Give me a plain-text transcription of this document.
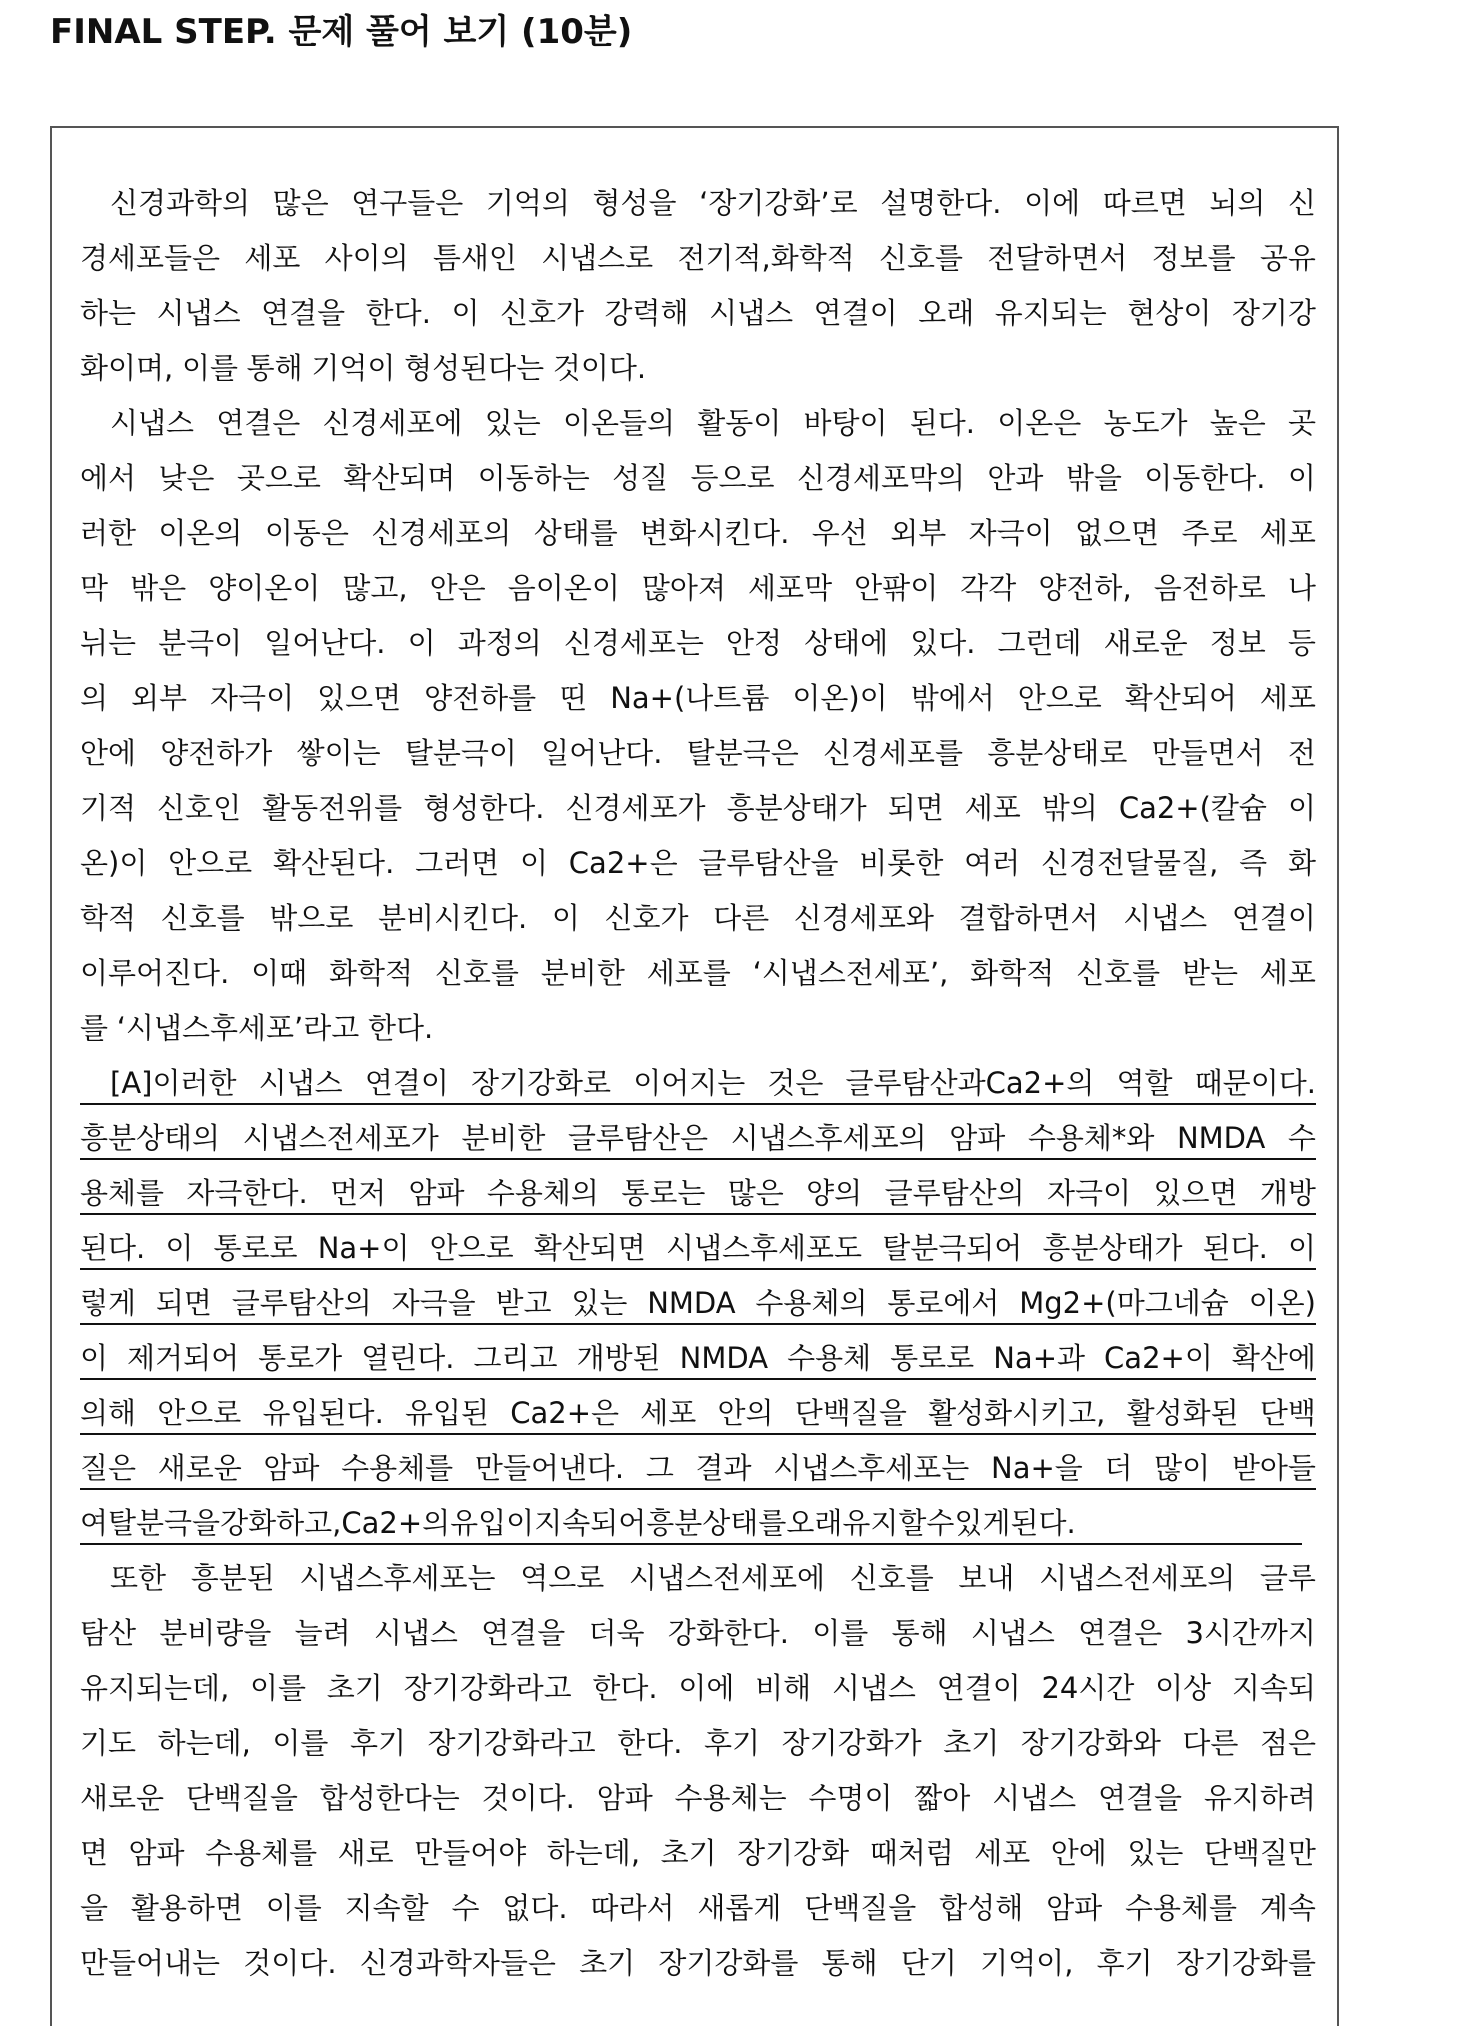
FINAL STEP. 문제 풀어 보기 (10분)
신경과학의 많은 연구들은 기억의 형성을 ‘장기강화’로 설명한다. 이에 따르면 뇌의 신
경세포들은 세포 사이의 틈새인 시냅스로 전기적,화학적 신호를 전달하면서 정보를 공유
하는 시냅스 연결을 한다. 이 신호가 강력해 시냅스 연결이 오래 유지되는 현상이 장기강
화이며, 이를 통해 기억이 형성된다는 것이다.
시냅스 연결은 신경세포에 있는 이온들의 활동이 바탕이 된다. 이온은 농도가 높은 곳
에서 낮은 곳으로 확산되며 이동하는 성질 등으로 신경세포막의 안과 밖을 이동한다. 이
러한 이온의 이동은 신경세포의 상태를 변화시킨다. 우선 외부 자극이 없으면 주로 세포
막 밖은 양이온이 많고, 안은 음이온이 많아져 세포막 안팎이 각각 양전하, 음전하로 나
뉘는 분극이 일어난다. 이 과정의 신경세포는 안정 상태에 있다. 그런데 새로운 정보 등
의 외부 자극이 있으면 양전하를 띤 Na+(나트륨 이온)이 밖에서 안으로 확산되어 세포
안에 양전하가 쌓이는 탈분극이 일어난다. 탈분극은 신경세포를 흥분상태로 만들면서 전
기적 신호인 활동전위를 형성한다. 신경세포가 흥분상태가 되면 세포 밖의 Ca2+(칼슘 이
온)이 안으로 확산된다. 그러면 이 Ca2+은 글루탐산을 비롯한 여러 신경전달물질, 즉 화
학적 신호를 밖으로 분비시킨다. 이 신호가 다른 신경세포와 결합하면서 시냅스 연결이
이루어진다. 이때 화학적 신호를 분비한 세포를 ‘시냅스전세포’, 화학적 신호를 받는 세포
를 ‘시냅스후세포’라고 한다.
[A]이러한 시냅스 연결이 장기강화로 이어지는 것은 글루탐산과Ca2+의 역할 때문이다.
흥분상태의 시냅스전세포가 분비한 글루탐산은 시냅스후세포의 암파 수용체*와 NMDA 수
용체를 자극한다. 먼저 암파 수용체의 통로는 많은 양의 글루탐산의 자극이 있으면 개방
된다. 이 통로로 Na+이 안으로 확산되면 시냅스후세포도 탈분극되어 흥분상태가 된다. 이
렇게 되면 글루탐산의 자극을 받고 있는 NMDA 수용체의 통로에서 Mg2+(마그네슘 이온)
이 제거되어 통로가 열린다. 그리고 개방된 NMDA 수용체 통로로 Na+과 Ca2+이 확산에
의해 안으로 유입된다. 유입된 Ca2+은 세포 안의 단백질을 활성화시키고, 활성화된 단백
질은 새로운 암파 수용체를 만들어낸다. 그 결과 시냅스후세포는 Na+을 더 많이 받아들
여 탈분극을 강화하고, Ca2+의 유입이 지속되어 흥분상태를 오래 유지할 수 있게 된다.
또한 흥분된 시냅스후세포는 역으로 시냅스전세포에 신호를 보내 시냅스전세포의 글루
탐산 분비량을 늘려 시냅스 연결을 더욱 강화한다. 이를 통해 시냅스 연결은 3시간까지
유지되는데, 이를 초기 장기강화라고 한다. 이에 비해 시냅스 연결이 24시간 이상 지속되
기도 하는데, 이를 후기 장기강화라고 한다. 후기 장기강화가 초기 장기강화와 다른 점은
새로운 단백질을 합성한다는 것이다. 암파 수용체는 수명이 짧아 시냅스 연결을 유지하려
면 암파 수용체를 새로 만들어야 하는데, 초기 장기강화 때처럼 세포 안에 있는 단백질만
을 활용하면 이를 지속할 수 없다. 따라서 새롭게 단백질을 합성해 암파 수용체를 계속
만들어내는 것이다. 신경과학자들은 초기 장기강화를 통해 단기 기억이, 후기 장기강화를
